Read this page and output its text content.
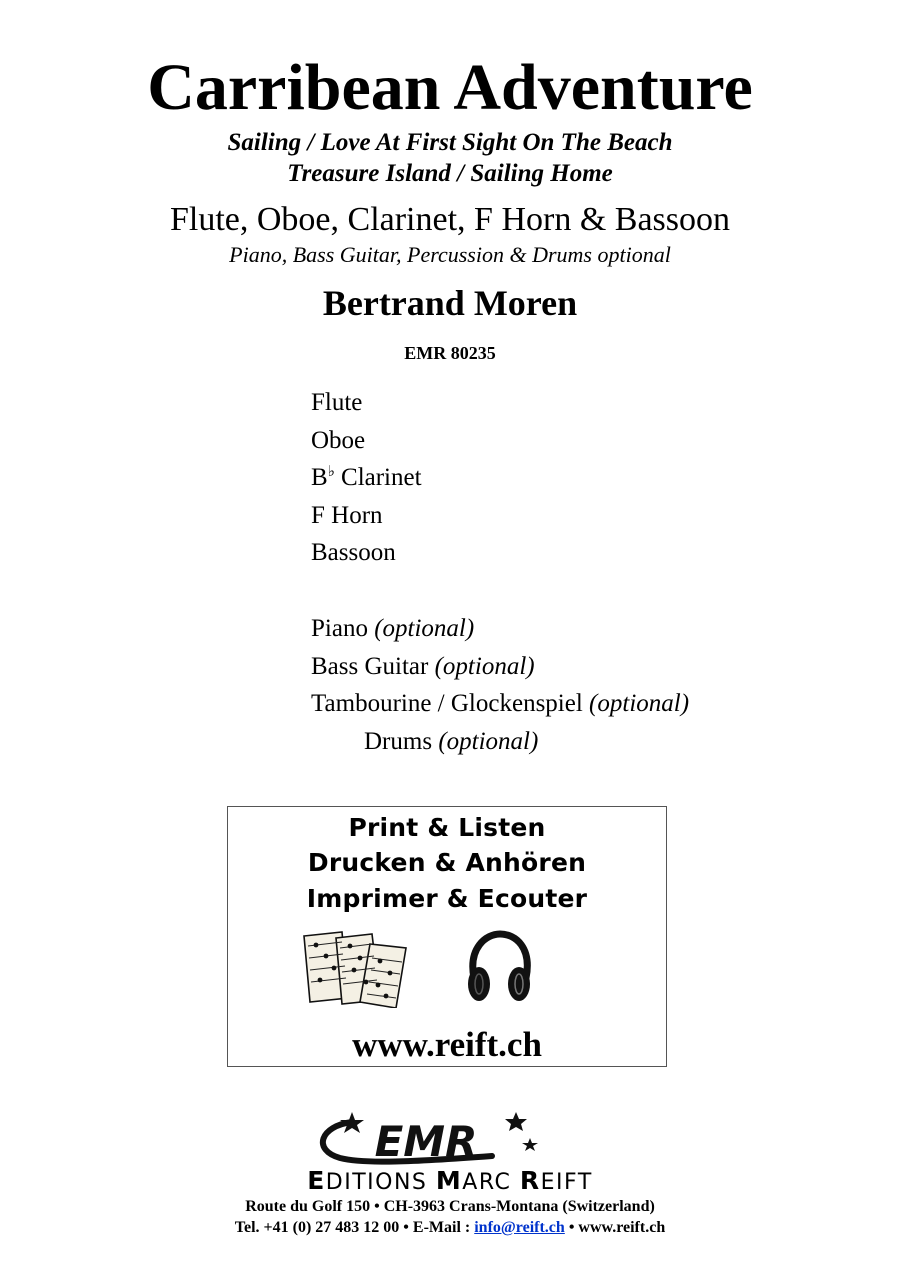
Carribean Adventure
Sailing / Love At First Sight On The Beach
Treasure Island / Sailing Home
Flute, Oboe, Clarinet, F Horn & Bassoon
Piano, Bass Guitar, Percussion & Drums optional
Bertrand Moren
EMR 80235
Flute
Oboe
B♭ Clarinet
F Horn
Bassoon
Piano (optional)
Bass Guitar (optional)
Tambourine / Glockenspiel (optional)
Drums (optional)
Print & Listen
Drucken & Anhören
Imprimer & Ecouter
www.reift.ch
EMR
EDITIONS MARC REIFT
Route du Golf 150 • CH-3963 Crans-Montana (Switzerland)
Tel. +41 (0) 27 483 12 00 • E-Mail : info@reift.ch • www.reift.ch
